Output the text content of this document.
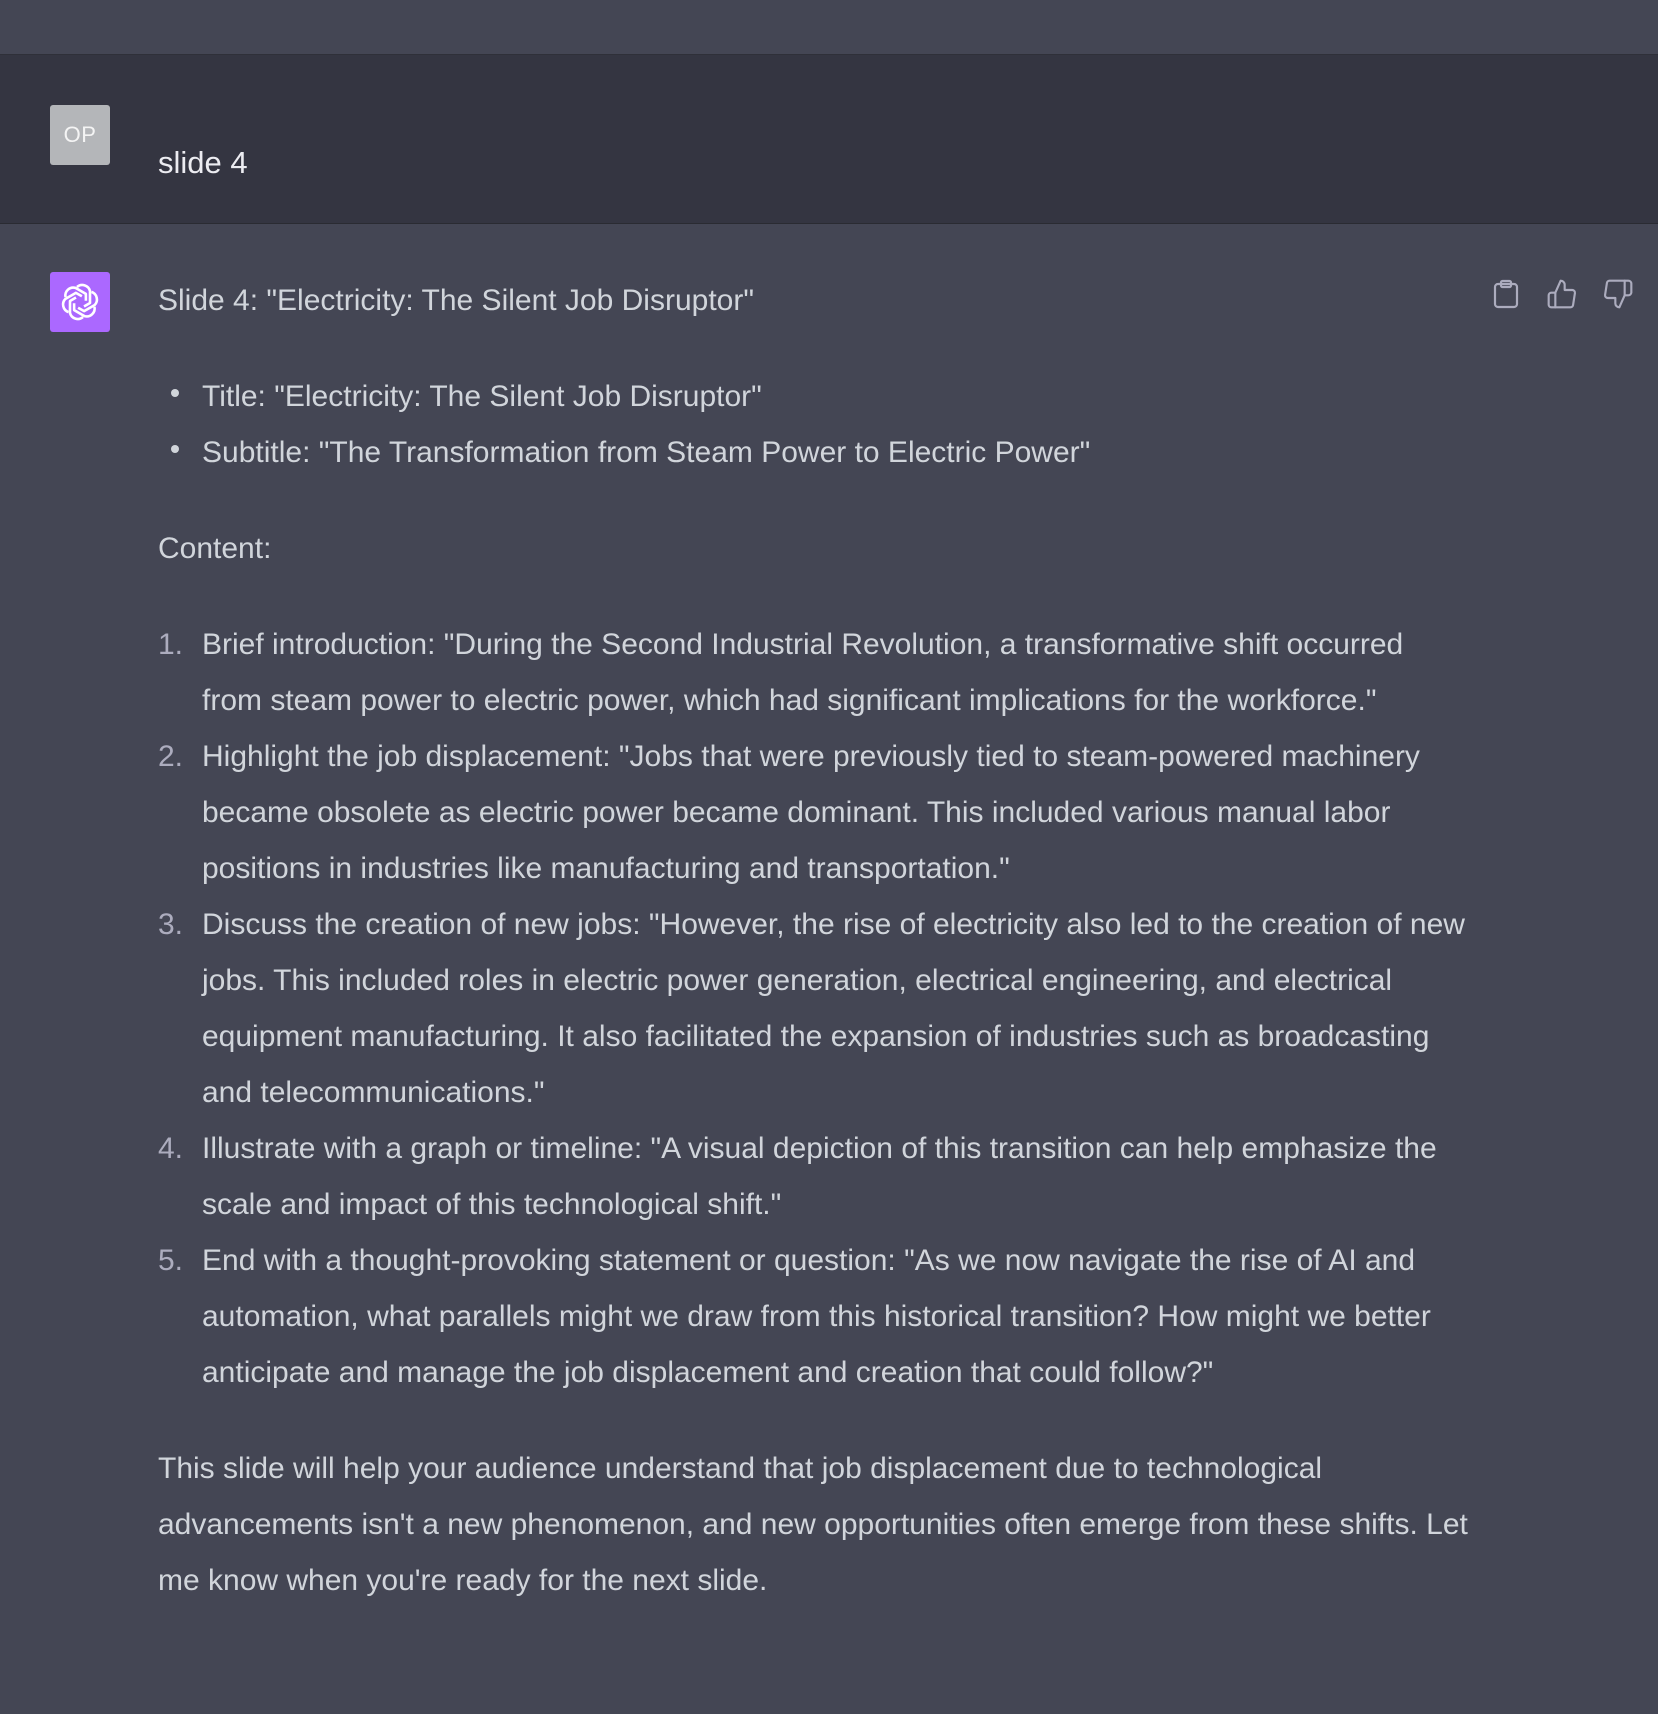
OP
slide 4

Slide 4: "Electricity: The Silent Job Disruptor"

Title: "Electricity: The Silent Job Disruptor"
Subtitle: "The Transformation from Steam Power to Electric Power"

Content:

1. Brief introduction: "During the Second Industrial Revolution, a transformative shift occurred from steam power to electric power, which had significant implications for the workforce."
2. Highlight the job displacement: "Jobs that were previously tied to steam-powered machinery became obsolete as electric power became dominant. This included various manual labor positions in industries like manufacturing and transportation."
3. Discuss the creation of new jobs: "However, the rise of electricity also led to the creation of new jobs. This included roles in electric power generation, electrical engineering, and electrical equipment manufacturing. It also facilitated the expansion of industries such as broadcasting and telecommunications."
4. Illustrate with a graph or timeline: "A visual depiction of this transition can help emphasize the scale and impact of this technological shift."
5. End with a thought-provoking statement or question: "As we now navigate the rise of AI and automation, what parallels might we draw from this historical transition? How might we better anticipate and manage the job displacement and creation that could follow?"

This slide will help your audience understand that job displacement due to technological advancements isn't a new phenomenon, and new opportunities often emerge from these shifts. Let me know when you're ready for the next slide.
